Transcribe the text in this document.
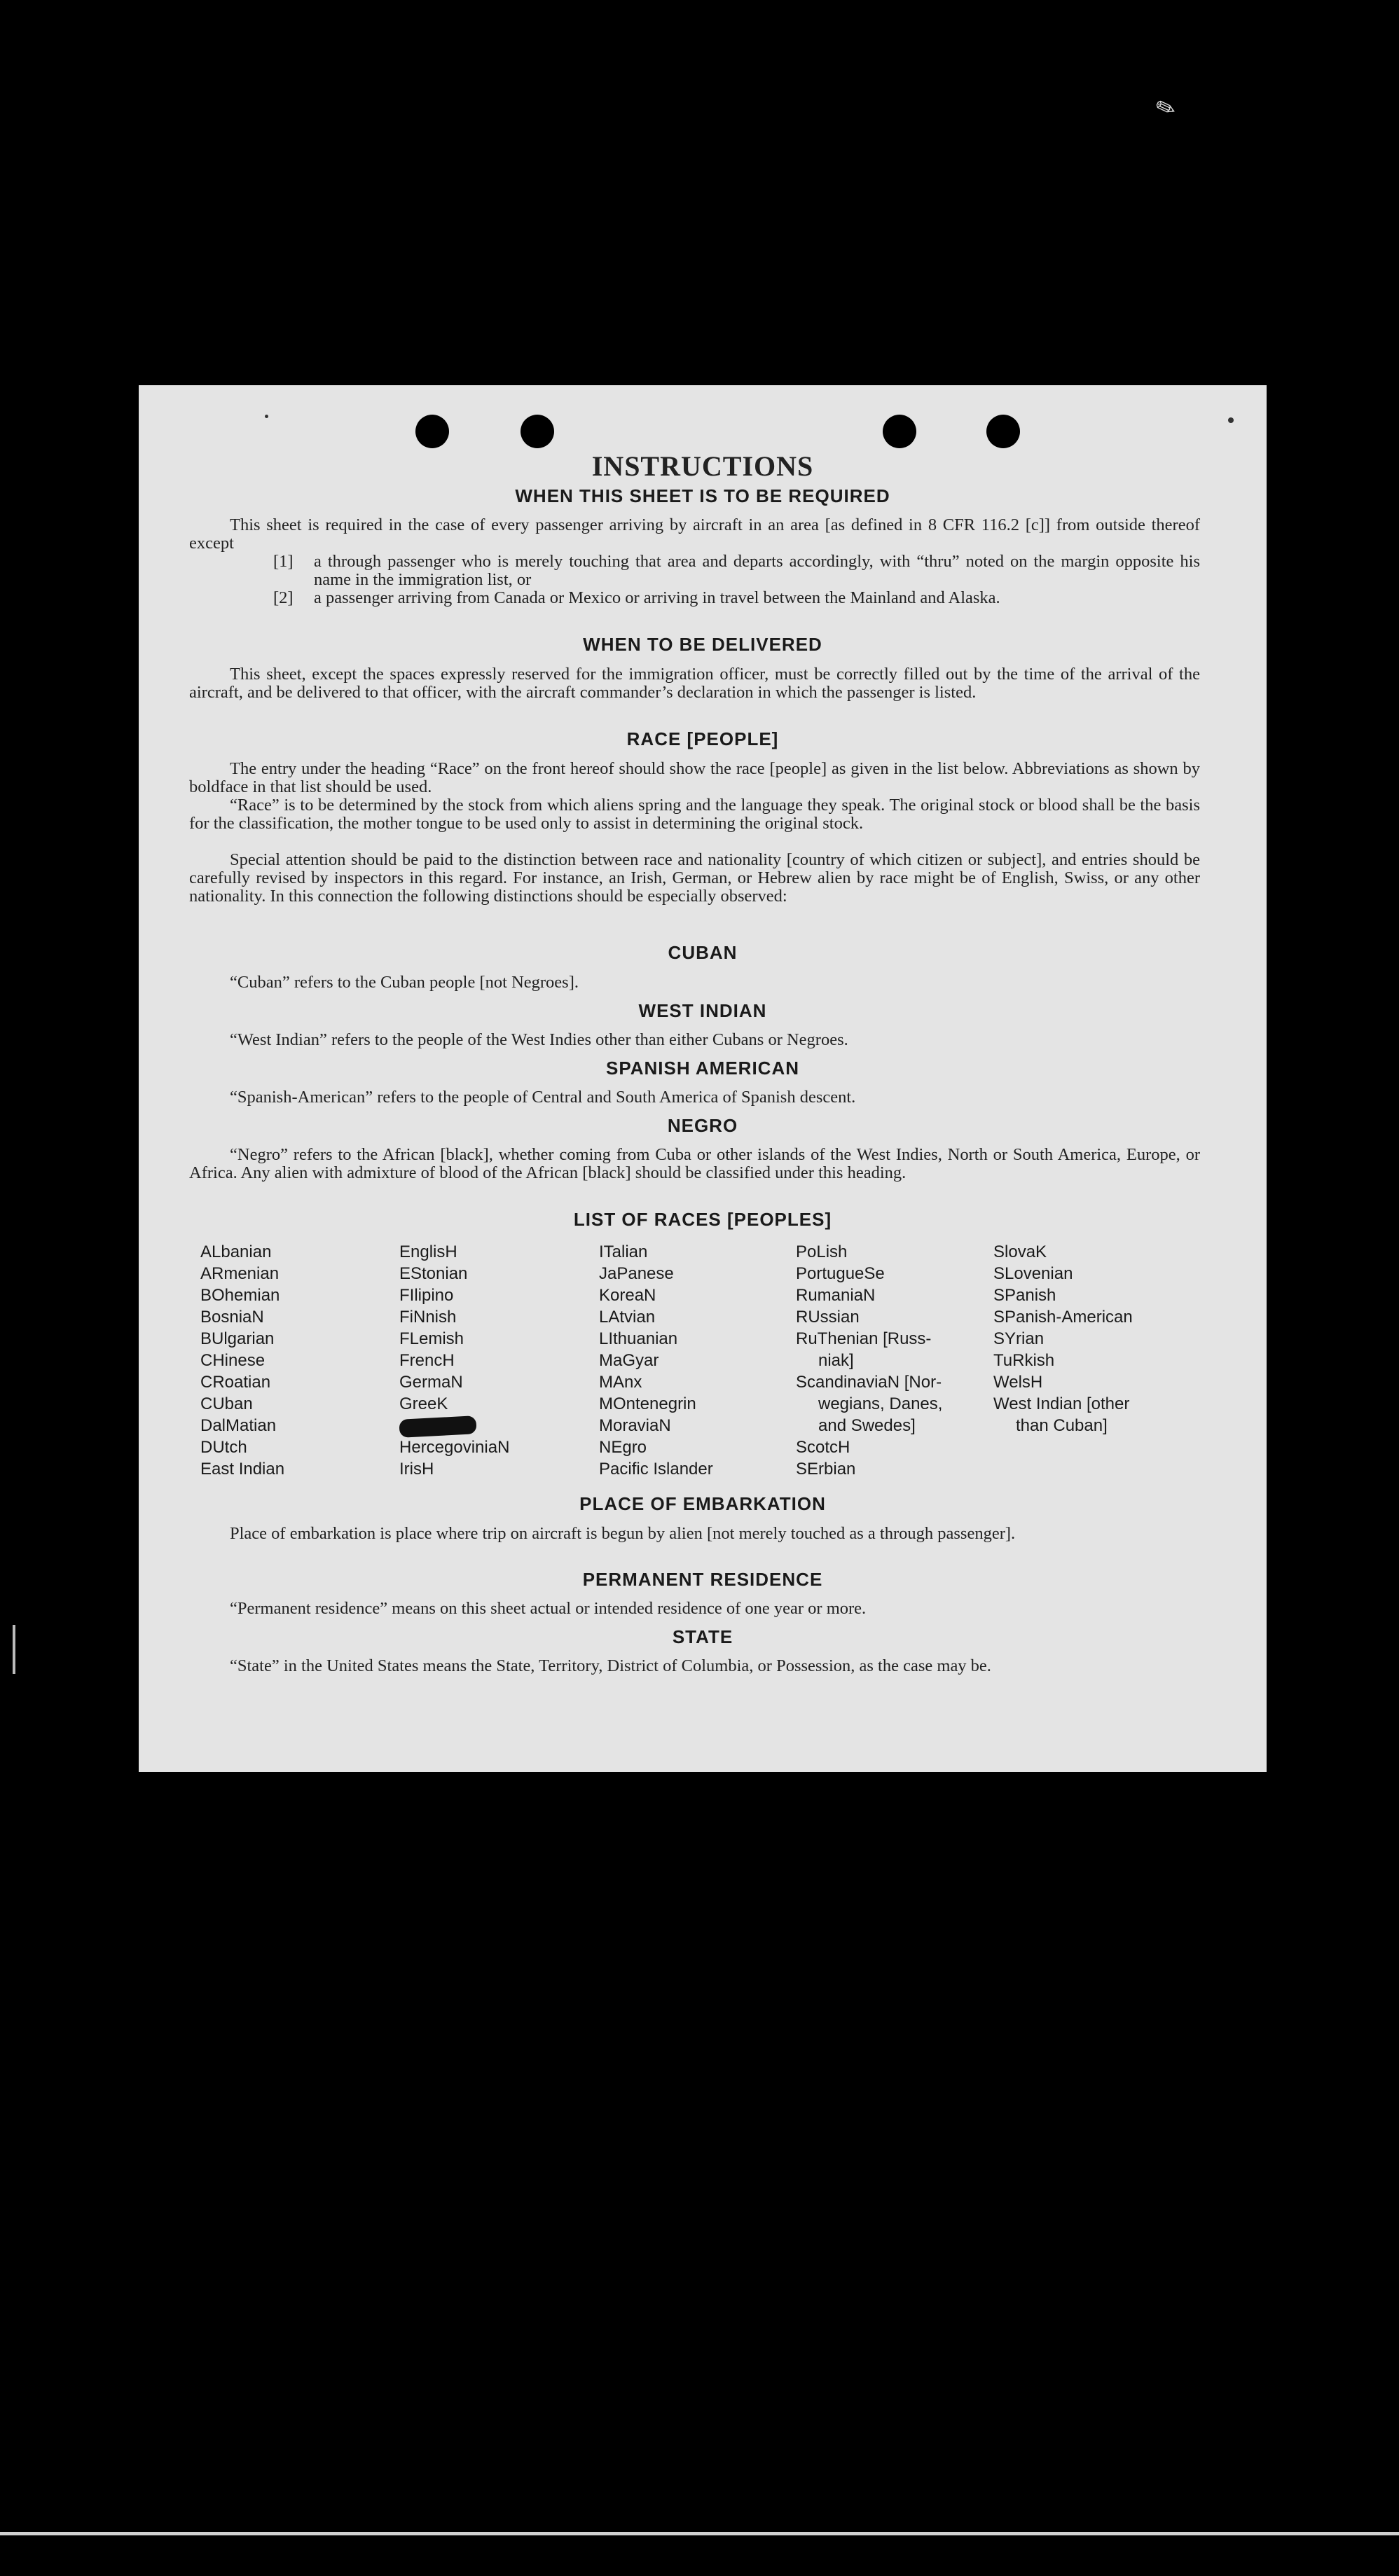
✎
INSTRUCTIONS
WHEN THIS SHEET IS TO BE REQUIRED
This sheet is required in the case of every passenger arriving by aircraft in an area [as defined in 8 CFR 116.2 [c]] from outside thereof except
[1] a through passenger who is merely touching that area and departs accordingly, with “thru” noted on the margin opposite his name in the immigration list, or
[2] a passenger arriving from Canada or Mexico or arriving in travel between the Mainland and Alaska.
WHEN TO BE DELIVERED
This sheet, except the spaces expressly reserved for the immigration officer, must be correctly filled out by the time of the arrival of the aircraft, and be delivered to that officer, with the aircraft commander’s declaration in which the passenger is listed.
RACE [PEOPLE]
The entry under the heading “Race” on the front hereof should show the race [people] as given in the list below. Abbreviations as shown by boldface in that list should be used.
“Race” is to be determined by the stock from which aliens spring and the language they speak. The original stock or blood shall be the basis for the classification, the mother tongue to be used only to assist in determining the original stock.
Special attention should be paid to the distinction between race and nationality [country of which citizen or subject], and entries should be carefully revised by inspectors in this regard. For instance, an Irish, German, or Hebrew alien by race might be of English, Swiss, or any other nationality. In this connection the following distinctions should be especially observed:
CUBAN
“Cuban” refers to the Cuban people [not Negroes].
WEST INDIAN
“West Indian” refers to the people of the West Indies other than either Cubans or Negroes.
SPANISH AMERICAN
“Spanish-American” refers to the people of Central and South America of Spanish descent.
NEGRO
“Negro” refers to the African [black], whether coming from Cuba or other islands of the West Indies, North or South America, Europe, or Africa. Any alien with admixture of blood of the African [black] should be classified under this heading.
LIST OF RACES [PEOPLES]
ALbanian
ARmenian
BOhemian
BosniaN
BUlgarian
CHinese
CRoatian
CUban
DalMatian
DUtch
East Indian
EnglisH
EStonian
FIlipino
FiNnish
FLemish
FrencH
GermaN
GreeK
HercegoviniaN
IrisH
ITalian
JaPanese
KoreaN
LAtvian
LIthuanian
MaGyar
MAnx
MOntenegrin
MoraviaN
NEgro
Pacific Islander
PoLish
PortugueSe
RumaniaN
RUssian
RuThenian [Russ-
niak]
ScandinaviaN [Nor-
wegians, Danes,
and Swedes]
ScotcH
SErbian
SlovaK
SLovenian
SPanish
SPanish-American
SYrian
TuRkish
WelsH
West Indian [other
than Cuban]
PLACE OF EMBARKATION
Place of embarkation is place where trip on aircraft is begun by alien [not merely touched as a through passenger].
PERMANENT RESIDENCE
“Permanent residence” means on this sheet actual or intended residence of one year or more.
STATE
“State” in the United States means the State, Territory, District of Columbia, or Possession, as the case may be.
